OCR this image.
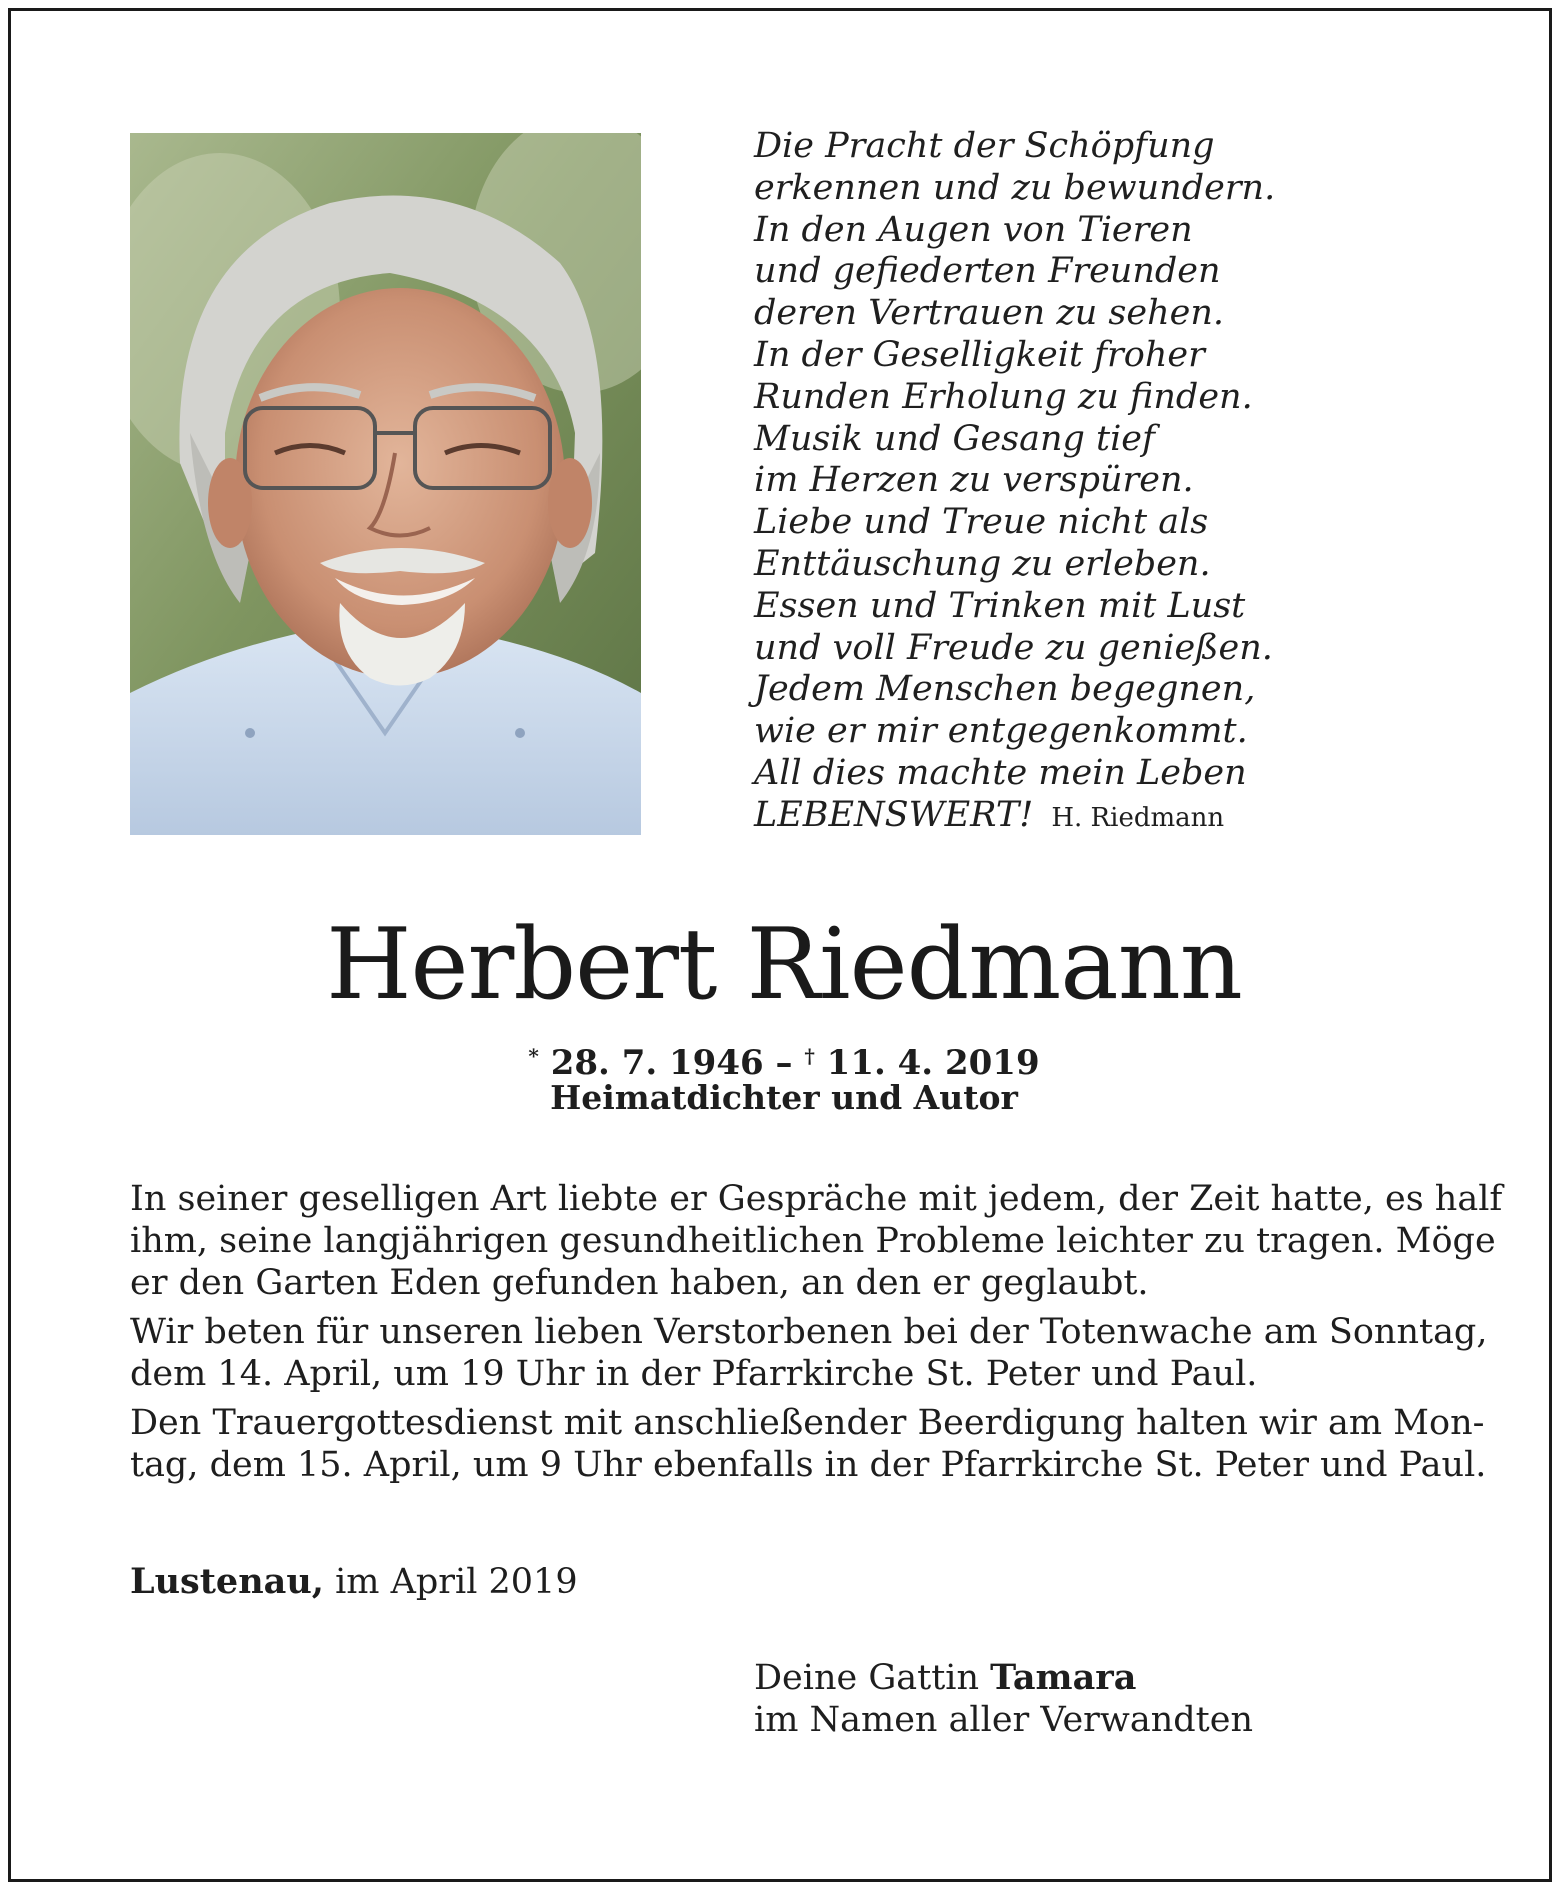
Die Pracht der Schöpfung
erkennen und zu bewundern.
In den Augen von Tieren
und gefiederten Freunden
deren Vertrauen zu sehen.
In der Geselligkeit froher
Runden Erholung zu finden.
Musik und Gesang tief
im Herzen zu verspüren.
Liebe und Treue nicht als
Enttäuschung zu erleben.
Essen und Trinken mit Lust
und voll Freude zu genießen.
Jedem Menschen begegnen,
wie er mir entgegenkommt.
All dies machte mein Leben
LEBENSWERT! H. Riedmann
Herbert Riedmann
* 28. 7. 1946 – † 11. 4. 2019
Heimatdichter und Autor
In seiner geselligen Art liebte er Gespräche mit jedem, der Zeit hatte, es half
ihm, seine langjährigen gesundheitlichen Probleme leichter zu tragen. Möge
er den Garten Eden gefunden haben, an den er geglaubt.
Wir beten für unseren lieben Verstorbenen bei der Totenwache am Sonntag,
dem 14. April, um 19 Uhr in der Pfarrkirche St. Peter und Paul.
Den Trauergottesdienst mit anschließender Beerdigung halten wir am Mon-
tag, dem 15. April, um 9 Uhr ebenfalls in der Pfarrkirche St. Peter und Paul.
Lustenau, im April 2019
Deine Gattin Tamara
im Namen aller Verwandten
